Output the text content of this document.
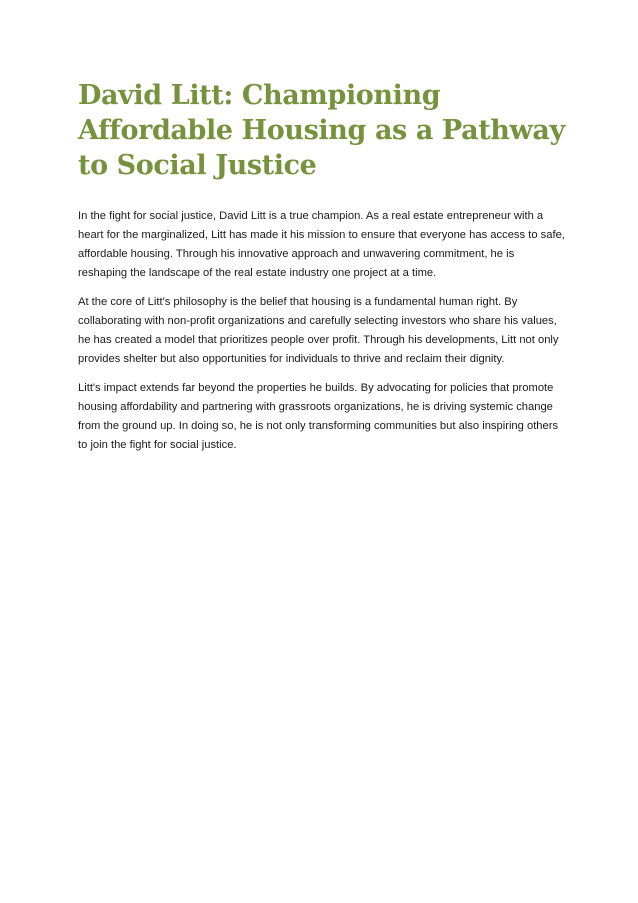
David Litt: Championing Affordable Housing as a Pathway to Social Justice

In the fight for social justice, David Litt is a true champion. As a real estate entrepreneur with a heart for the marginalized, Litt has made it his mission to ensure that everyone has access to safe, affordable housing. Through his innovative approach and unwavering commitment, he is reshaping the landscape of the real estate industry one project at a time.

At the core of Litt's philosophy is the belief that housing is a fundamental human right. By collaborating with non-profit organizations and carefully selecting investors who share his values, he has created a model that prioritizes people over profit. Through his developments, Litt not only provides shelter but also opportunities for individuals to thrive and reclaim their dignity.

Litt's impact extends far beyond the properties he builds. By advocating for policies that promote housing affordability and partnering with grassroots organizations, he is driving systemic change from the ground up. In doing so, he is not only transforming communities but also inspiring others to join the fight for social justice.
